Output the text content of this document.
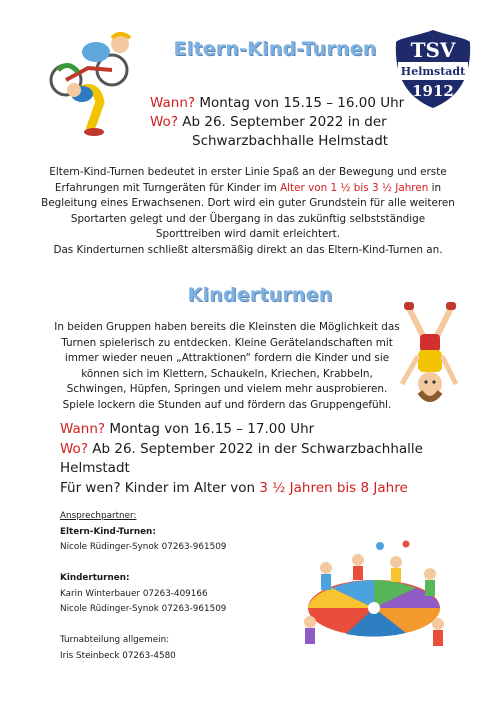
Eltern-Kind-Turnen TSV
Helmstadt
1912
Wann? Montag von 15.15 – 16.00 Uhr
Wo? Ab 26. September 2022 in der
Schwarzbachhalle Helmstadt
Eltern-Kind-Turnen bedeutet in erster Linie Spaß an der Bewegung und erste Erfahrungen mit Turngeräten für Kinder im Alter von 1 ½ bis 3 ½ Jahren in Begleitung eines Erwachsenen. Dort wird ein guter Grundstein für alle weiteren Sportarten gelegt und der Übergang in das zukünftig selbstständige Sporttreiben wird damit erleichtert.
Das Kinderturnen schließt altersmäßig direkt an das Eltern-Kind-Turnen an.
Kinderturnen
In beiden Gruppen haben bereits die Kleinsten die Möglichkeit das Turnen spielerisch zu entdecken. Kleine Gerätelandschaften mit immer wieder neuen „Attraktionen“ fordern die Kinder und sie können sich im Klettern, Schaukeln, Kriechen, Krabbeln, Schwingen, Hüpfen, Springen und vielem mehr ausprobieren. Spiele lockern die Stunden auf und fördern das Gruppengefühl.
Wann? Montag von 16.15 – 17.00 Uhr
Wo? Ab 26. September 2022 in der Schwarzbachhalle
Helmstadt
Für wen? Kinder im Alter von 3 ½ Jahren bis 8 Jahre
Ansprechpartner:
Eltern-Kind-Turnen:
Nicole Rüdinger-Synok 07263-961509
Kinderturnen:
Karin Winterbauer 07263-409166
Nicole Rüdinger-Synok 07263-961509
Turnabteilung allgemein:
Iris Steinbeck 07263-4580
